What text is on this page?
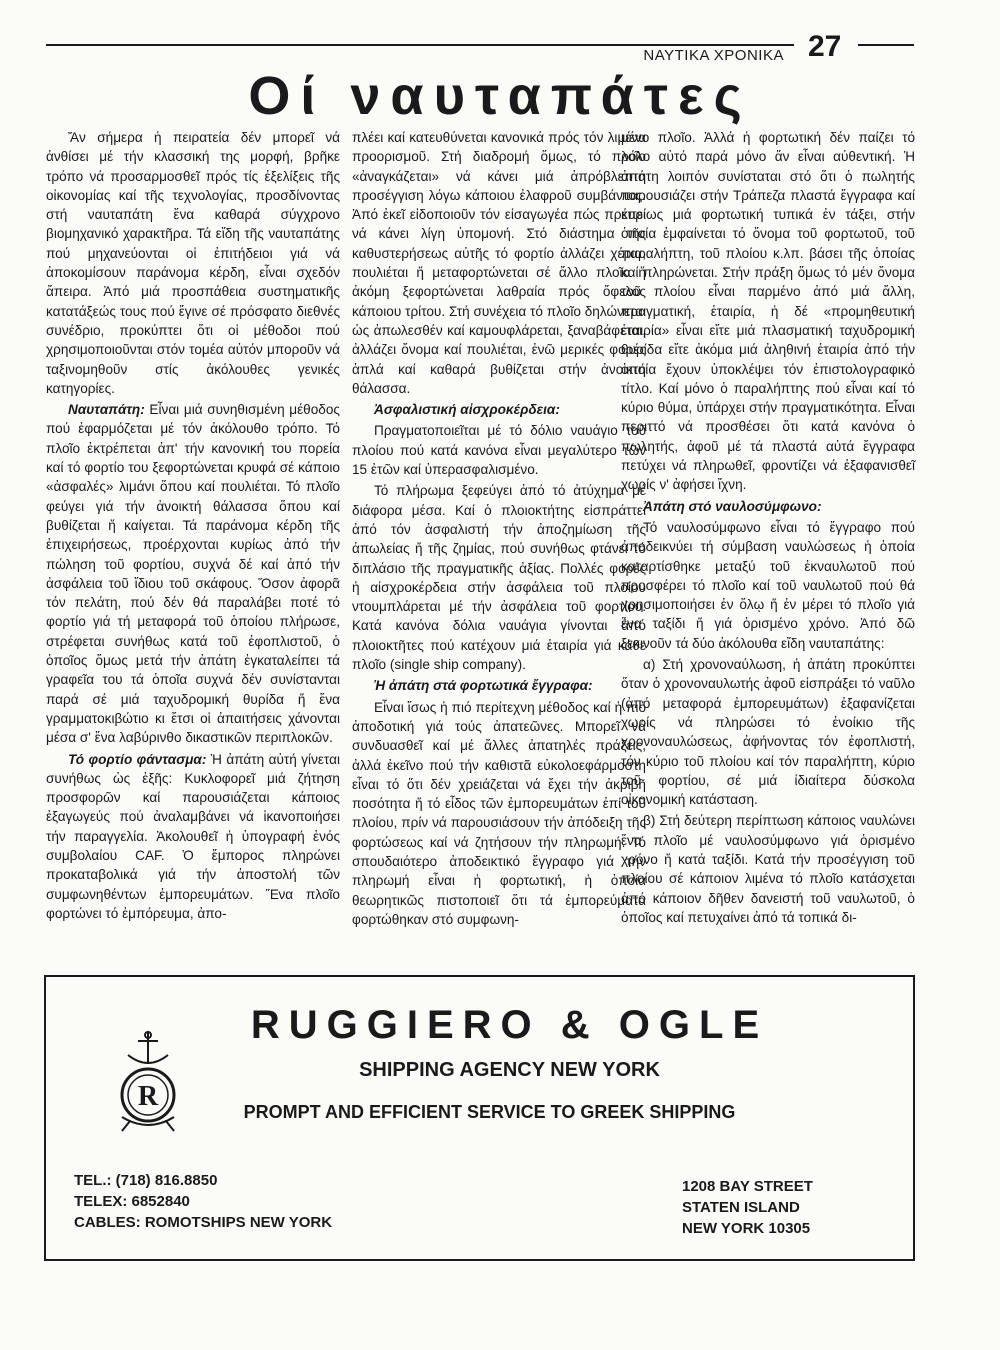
ΝΑΥΤΙΚΑ ΧΡΟΝΙΚΑ 27
Οί ναυταπάτες

Ἄν σήμερα ἡ πειρατεία δέν μπορεῖ νά ἀνθίσει μέ τήν κλασσική της μορφή, βρῆκε τρόπο νά προσαρμοσθεῖ πρός τίς ἐξελίξεις τῆς οἰκονομίας καί τῆς τεχνολογίας, προσδίνοντας στή ναυταπάτη ἕνα καθαρά σύγχρονο βιομηχανικό χαρακτῆρα. Τά εἴδη τῆς ναυταπάτης πού μηχανεύονται οἱ ἐπιτήδειοι γιά νά ἀποκομίσουν παράνομα κέρδη, εἶναι σχεδόν ἄπειρα. Ἀπό μιά προσπάθεια συστηματικῆς κατατάξεώς τους πού ἔγινε σέ πρόσφατο διεθνές συνέδριο, προκύπτει ὅτι οἱ μέθοδοι πού χρησιμοποιοῦνται στόν τομέα αὐτόν μποροῦν νά ταξινομηθοῦν στίς ἀκόλουθες γενικές κατηγορίες.

Ναυταπάτη: Εἶναι μιά συνηθισμένη μέθοδος πού ἐφαρμόζεται μέ τόν ἀκόλουθο τρόπο. Τό πλοῖο ἐκτρέπεται ἀπ' τήν κανονική του πορεία καί τό φορτίο του ξεφορτώνεται κρυφά σέ κάποιο «ἀσφαλές» λιμάνι ὅπου καί πουλιέται. Τό πλοῖο φεύγει γιά τήν ἀνοικτή θάλασσα ὅπου καί βυθίζεται ἤ καίγεται. Τά παράνομα κέρδη τῆς ἐπιχειρήσεως, προέρχονται κυρίως ἀπό τήν πώληση τοῦ φορτίου, συχνά δέ καί ἀπό τήν ἀσφάλεια τοῦ ἴδιου τοῦ σκάφους. Ὅσον ἀφορᾶ τόν πελάτη, πού δέν θά παραλάβει ποτέ τό φορτίο γιά τή μεταφορά τοῦ ὁποίου πλήρωσε, στρέφεται συνήθως κατά τοῦ ἐφοπλιστοῦ, ὁ ὁποῖος ὅμως μετά τήν ἀπάτη ἐγκαταλείπει τά γραφεῖα του τά ὁποῖα συχνά δέν συνίστανται παρά σέ μιά ταχυδρομική θυρίδα ἤ ἕνα γραμματοκιβώτιο κι ἔτσι οἱ ἀπαιτήσεις χάνονται μέσα σ' ἕνα λαβύρινθο δικαστικῶν περιπλοκῶν.

Τό φορτίο φάντασμα: Ἡ ἀπάτη αὐτή γίνεται συνήθως ὡς ἑξῆς: Κυκλοφορεῖ μιά ζήτηση προσφορῶν καί παρουσιάζεται κάποιος ἐξαγωγεύς πού ἀναλαμβάνει νά ἱκανοποιήσει τήν παραγγελία. Ἀκολουθεῖ ἡ ὑπογραφή ἑνός συμβολαίου CAF. Ὁ ἔμπορος πληρώνει προκαταβολικά γιά τήν ἀποστολή τῶν συμφωνηθέντων ἐμπορευμάτων. Ἕνα πλοῖο φορτώνει τό ἐμπόρευμα, ἀπο-

πλέει καί κατευθύνεται κανονικά πρός τόν λιμένα προορισμοῦ. Στή διαδρομή ὅμως, τό πλοῖο «ἀναγκάζεται» νά κάνει μιά ἀπρόβλεπτη προσέγγιση λόγω κάποιου ἐλαφροῦ συμβάντος. Ἀπό ἐκεῖ εἰδοποιοῦν τόν εἰσαγωγέα πώς πρέπει νά κάνει λίγη ὑπομονή. Στό διάστημα τῆς καθυστερήσεως αὐτῆς τό φορτίο ἀλλάζει χέρια, πουλιέται ἤ μεταφορτώνεται σέ ἄλλο πλοῖο ἤ ἀκόμη ξεφορτώνεται λαθραία πρός ὄφελος κάποιου τρίτου. Στή συνέχεια τό πλοῖο δηλώνεται ὡς ἀπωλεσθέν καί καμουφλάρεται, ξαναβάφεται, ἀλλάζει ὄνομα καί πουλιέται, ἐνῶ μερικές φορές ἁπλά καί καθαρά βυθίζεται στήν ἀνοικτή θάλασσα.

Ἀσφαλιστική αἰσχροκέρδεια:

Πραγματοποιεῖται μέ τό δόλιο ναυάγιο τοῦ πλοίου πού κατά κανόνα εἶναι μεγαλύτερο τῶν 15 ἐτῶν καί ὑπερασφαλισμένο.

Τό πλήρωμα ξεφεύγει ἀπό τό ἀτύχημα μέ διάφορα μέσα. Καί ὁ πλοιοκτήτης εἰσπράττει ἀπό τόν ἀσφαλιστή τήν ἀποζημίωση τῆς ἀπωλείας ἤ τῆς ζημίας, πού συνήθως φτάνει τό διπλάσιο τῆς πραγματικῆς ἀξίας. Πολλές φορές ἡ αἰσχροκέρδεια στήν ἀσφάλεια τοῦ πλοίου ντουμπλάρεται μέ τήν ἀσφάλεια τοῦ φορτίου. Κατά κανόνα δόλια ναυάγια γίνονται ἀπό πλοιοκτῆτες πού κατέχουν μιά ἑταιρία γιά κάθε πλοῖο (single ship company).

Ἡ ἀπάτη στά φορτωτικά ἔγγραφα:

Εἶναι ἴσως ἡ πιό περίτεχνη μέθοδος καί ἡ πιό ἀποδοτική γιά τούς ἀπατεῶνες. Μπορεῖ νά συνδυασθεῖ καί μέ ἄλλες ἀπατηλές πράξεις, ἀλλά ἐκεῖνο πού τήν καθιστᾶ εὐκολοεφάρμοστη εἶναι τό ὅτι δέν χρειάζεται νά ἔχει τήν ἀκριβῆ ποσότητα ἤ τό εἶδος τῶν ἐμπορευμάτων ἐπί τοῦ πλοίου, πρίν νά παρουσιάσουν τήν ἀπόδειξη τῆς φορτώσεως καί νά ζητήσουν τήν πληρωμή. Τό σπουδαιότερο ἀποδεικτικό ἔγγραφο γιά τήν πληρωμή εἶναι ἡ φορτωτική, ἡ ὁποία θεωρητικῶς πιστοποιεῖ ὅτι τά ἐμπορεύματα φορτώθηκαν στό συμφωνη-

μένο πλοῖο. Ἀλλά ἡ φορτωτική δέν παίζει τό ρόλο αὐτό παρά μόνο ἄν εἶναι αὐθεντική. Ἡ ἀπάτη λοιπόν συνίσταται στό ὅτι ὁ πωλητής παρουσιάζει στήν Τράπεζα πλαστά ἔγγραφα καί κυρίως μιά φορτωτική τυπικά ἐν τάξει, στήν ὁποία ἐμφαίνεται τό ὄνομα τοῦ φορτωτοῦ, τοῦ παραλήπτη, τοῦ πλοίου κ.λπ. βάσει τῆς ὁποίας καί πληρώνεται. Στήν πράξη ὅμως τό μέν ὄνομα τοῦ πλοίου εἶναι παρμένο ἀπό μιά ἄλλη, πραγματική, ἑταιρία, ἡ δέ «προμηθευτική ἑταιρία» εἶναι εἴτε μιά πλασματική ταχυδρομική θυρίδα εἴτε ἀκόμα μιά ἀληθινή ἑταιρία ἀπό τήν ὁποία ἔχουν ὑποκλέψει τόν ἐπιστολογραφικό τίτλο. Καί μόνο ὁ παραλήπτης πού εἶναι καί τό κύριο θύμα, ὑπάρχει στήν πραγματικότητα. Εἶναι περιττό νά προσθέσει ὅτι κατά κανόνα ὁ πωλητής, ἀφοῦ μέ τά πλαστά αὐτά ἔγγραφα πετύχει νά πληρωθεῖ, φροντίζει νά ἐξαφανισθεῖ χωρίς ν' ἀφήσει ἴχνη.

Ἀπάτη στό ναυλοσύμφωνο:

Τό ναυλοσύμφωνο εἶναι τό ἔγγραφο πού ἀποδεικνύει τή σύμβαση ναυλώσεως ἡ ὁποία καταρτίσθηκε μεταξύ τοῦ ἐκναυλωτοῦ πού προσφέρει τό πλοῖο καί τοῦ ναυλωτοῦ πού θά χρησιμοποιήσει ἐν ὅλῳ ἤ ἐν μέρει τό πλοῖο γιά ἕνα ταξίδι ἤ γιά ὁρισμένο χρόνο. Ἀπό δῶ ξεκινοῦν τά δύο ἀκόλουθα εἴδη ναυταπάτης:

α) Στή χρονοναύλωση, ἡ ἀπάτη προκύπτει ὅταν ὁ χρονοναυλωτής ἀφοῦ εἰσπράξει τό ναῦλο (ἀπό μεταφορά ἐμπορευμάτων) ἐξαφανίζεται χωρίς νά πληρώσει τό ἐνοίκιο τῆς χρονοναυλώσεως, ἀφήνοντας τόν ἐφοπλιστή, τόν κύριο τοῦ πλοίου καί τόν παραλήπτη, κύριο τοῦ φορτίου, σέ μιά ἰδιαίτερα δύσκολα οἰκονομική κατάσταση.

β) Στή δεύτερη περίπτωση κάποιος ναυλώνει ἕνα πλοῖο μέ ναυλοσύμφωνο γιά ὁρισμένο χρόνο ἤ κατά ταξίδι. Κατά τήν προσέγγιση τοῦ πλοίου σέ κάποιον λιμένα τό πλοῖο κατάσχεται ἀπό κάποιον δῆθεν δανειστή τοῦ ναυλωτοῦ, ὁ ὁποῖος καί πετυχαίνει ἀπό τά τοπικά δι-

R
RUGGIERO & OGLE
SHIPPING AGENCY NEW YORK
PROMPT AND EFFICIENT SERVICE TO GREEK SHIPPING
TEL.: (718) 816.8850
TELEX: 6852840
CABLES: ROMOTSHIPS NEW YORK
1208 BAY STREET
STATEN ISLAND
NEW YORK 10305
